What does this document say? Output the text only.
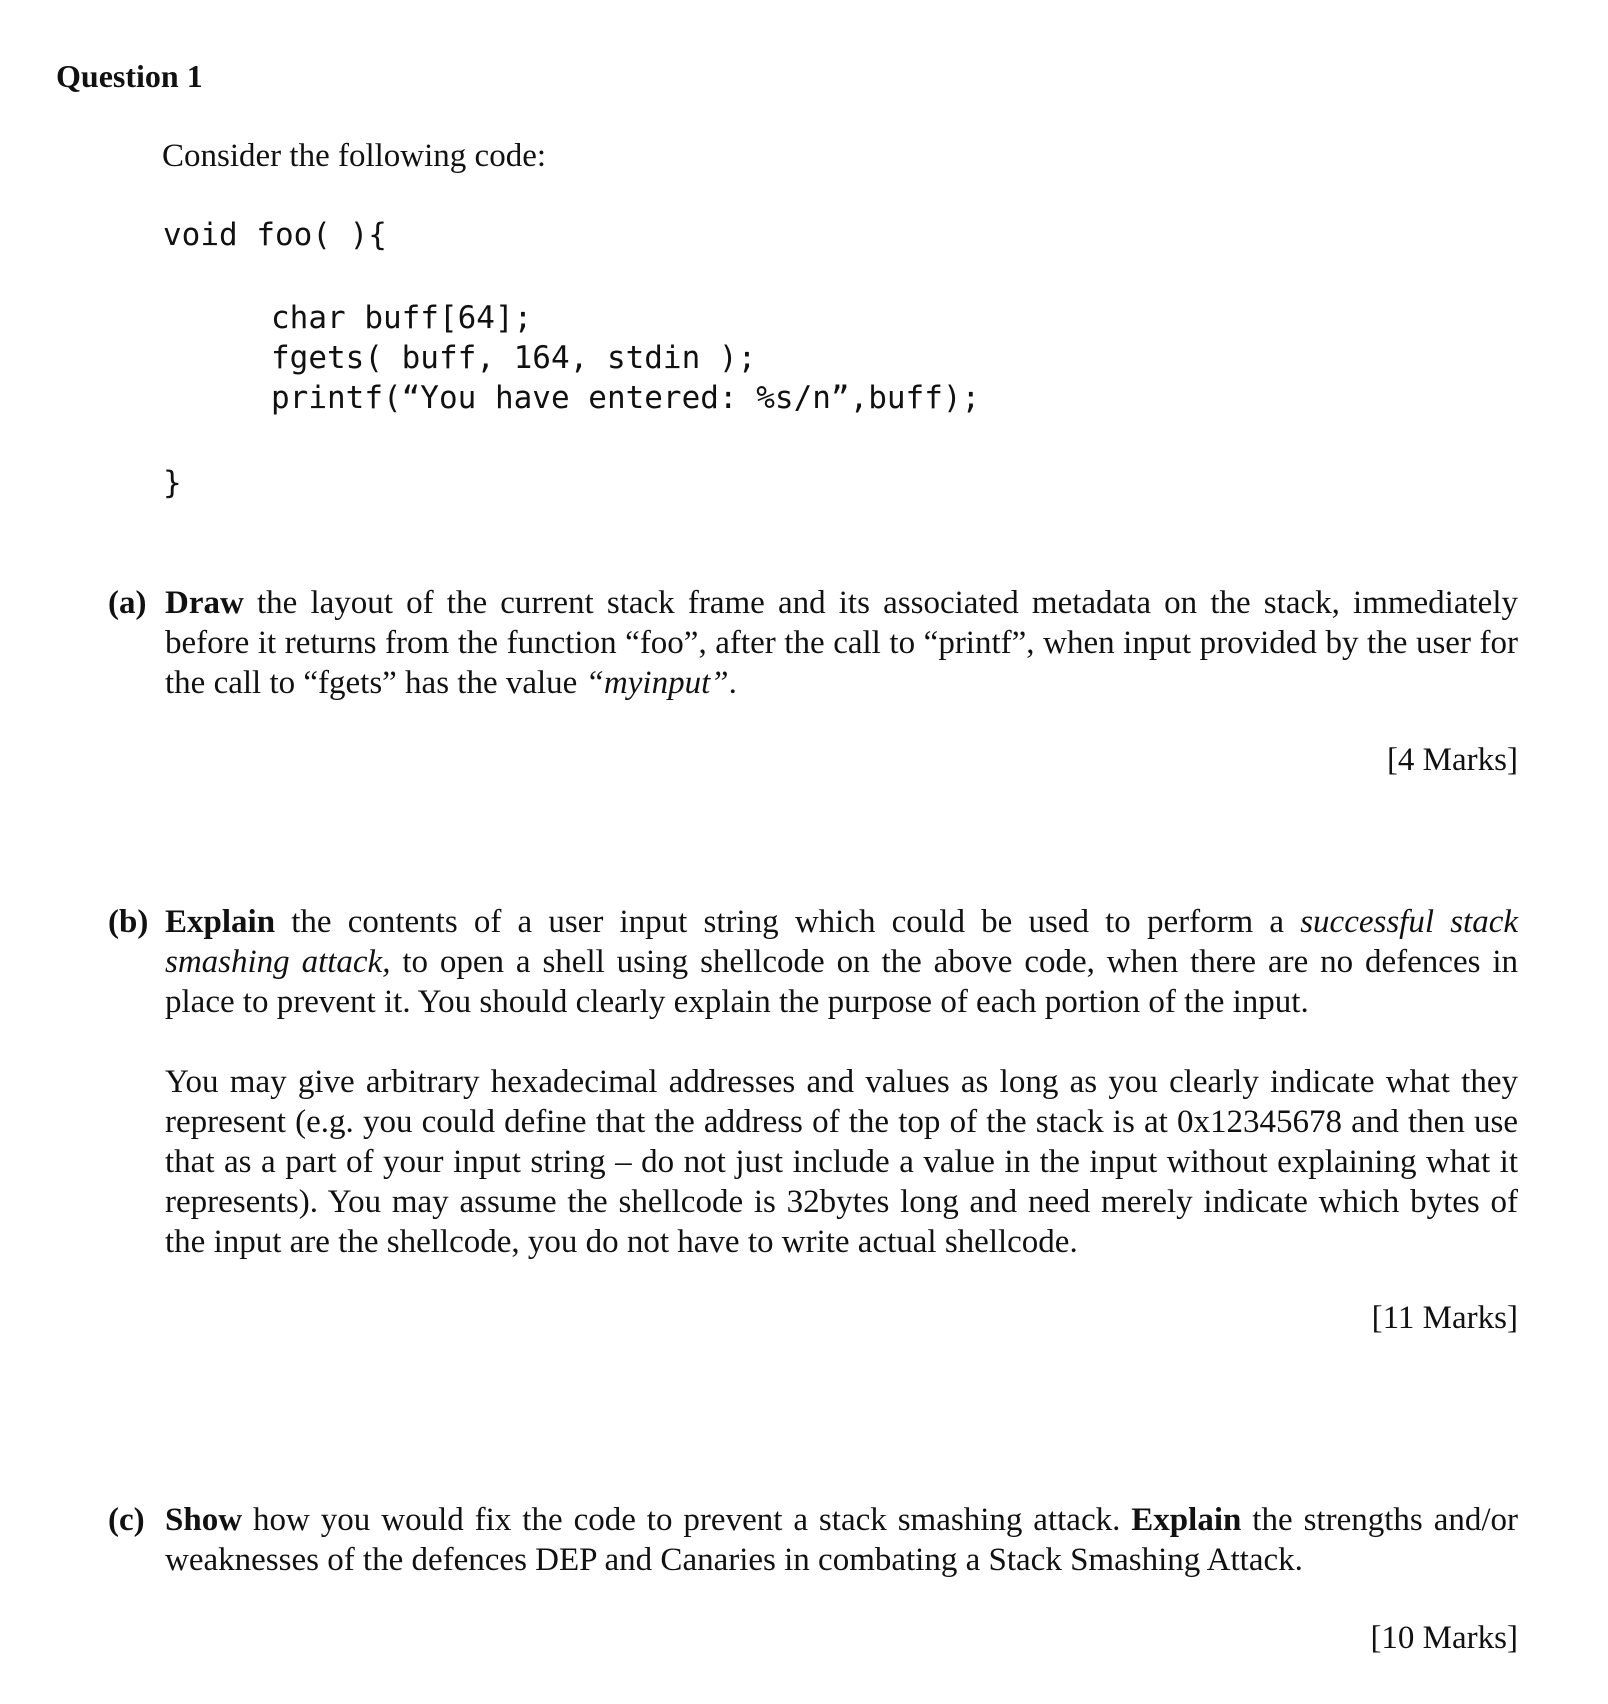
Question 1

Consider the following code:

void foo( ){
char buff[64];
fgets( buff, 164, stdin );
printf(“You have entered: %s/n”,buff);
}
(a) Draw the layout of the current stack frame and its associated metadata on the stack, immediately before it returns from the function “foo”, after the call to “printf”, when input provided by the user for the call to “fgets” has the value “myinput”.

[4 Marks]

(b) Explain the contents of a user input string which could be used to perform a successful stack smashing attack, to open a shell using shellcode on the above code, when there are no defences in place to prevent it. You should clearly explain the purpose of each portion of the input.

You may give arbitrary hexadecimal addresses and values as long as you clearly indicate what they represent (e.g. you could define that the address of the top of the stack is at 0x12345678 and then use that as a part of your input string – do not just include a value in the input without explaining what it represents). You may assume the shellcode is 32bytes long and need merely indicate which bytes of the input are the shellcode, you do not have to write actual shellcode.

[11 Marks]

(c) Show how you would fix the code to prevent a stack smashing attack. Explain the strengths and/or weaknesses of the defences DEP and Canaries in combating a Stack Smashing Attack.

[10 Marks]
